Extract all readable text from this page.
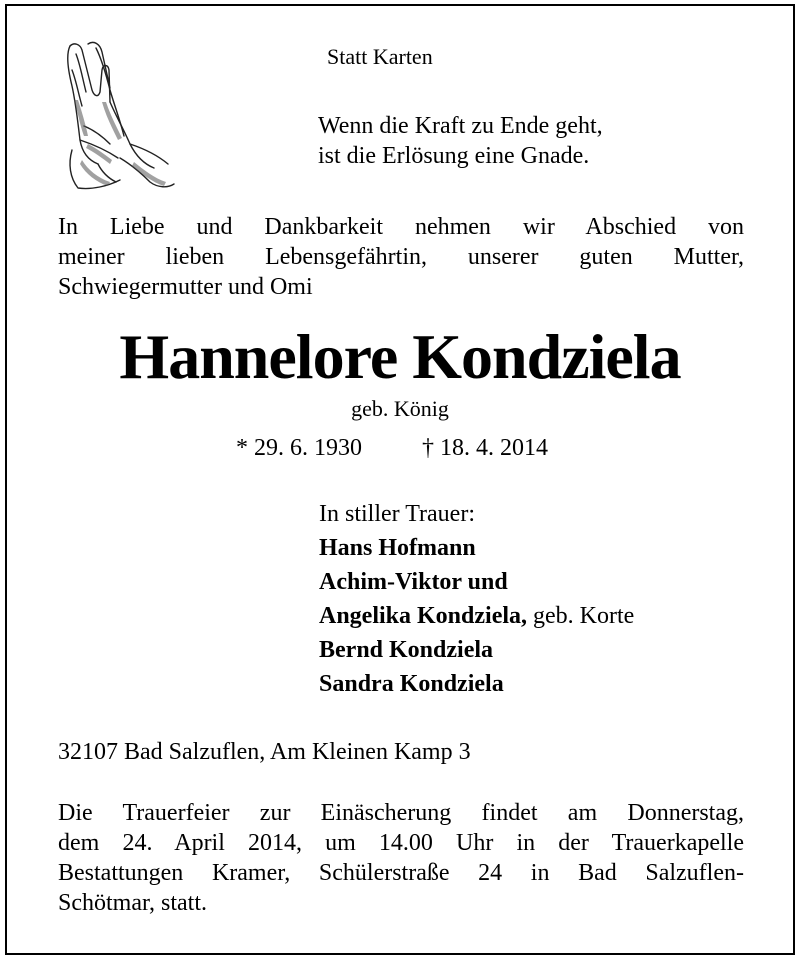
Statt Karten
Wenn die Kraft zu Ende geht,
ist die Erlösung eine Gnade.
In Liebe und Dankbarkeit nehmen wir Abschied von
meiner lieben Lebensgefährtin, unserer guten Mutter,
Schwiegermutter und Omi
Hannelore Kondziela
geb. König
* 29. 6. 1930	† 18. 4. 2014
In stiller Trauer:
Hans Hofmann
Achim-Viktor und
Angelika Kondziela, geb. Korte
Bernd Kondziela
Sandra Kondziela
32107 Bad Salzuflen, Am Kleinen Kamp 3
Die Trauerfeier zur Einäscherung findet am Donnerstag,
dem 24. April 2014, um 14.00 Uhr in der Trauerkapelle
Bestattungen Kramer, Schülerstraße 24 in Bad Salzuflen-
Schötmar, statt.
